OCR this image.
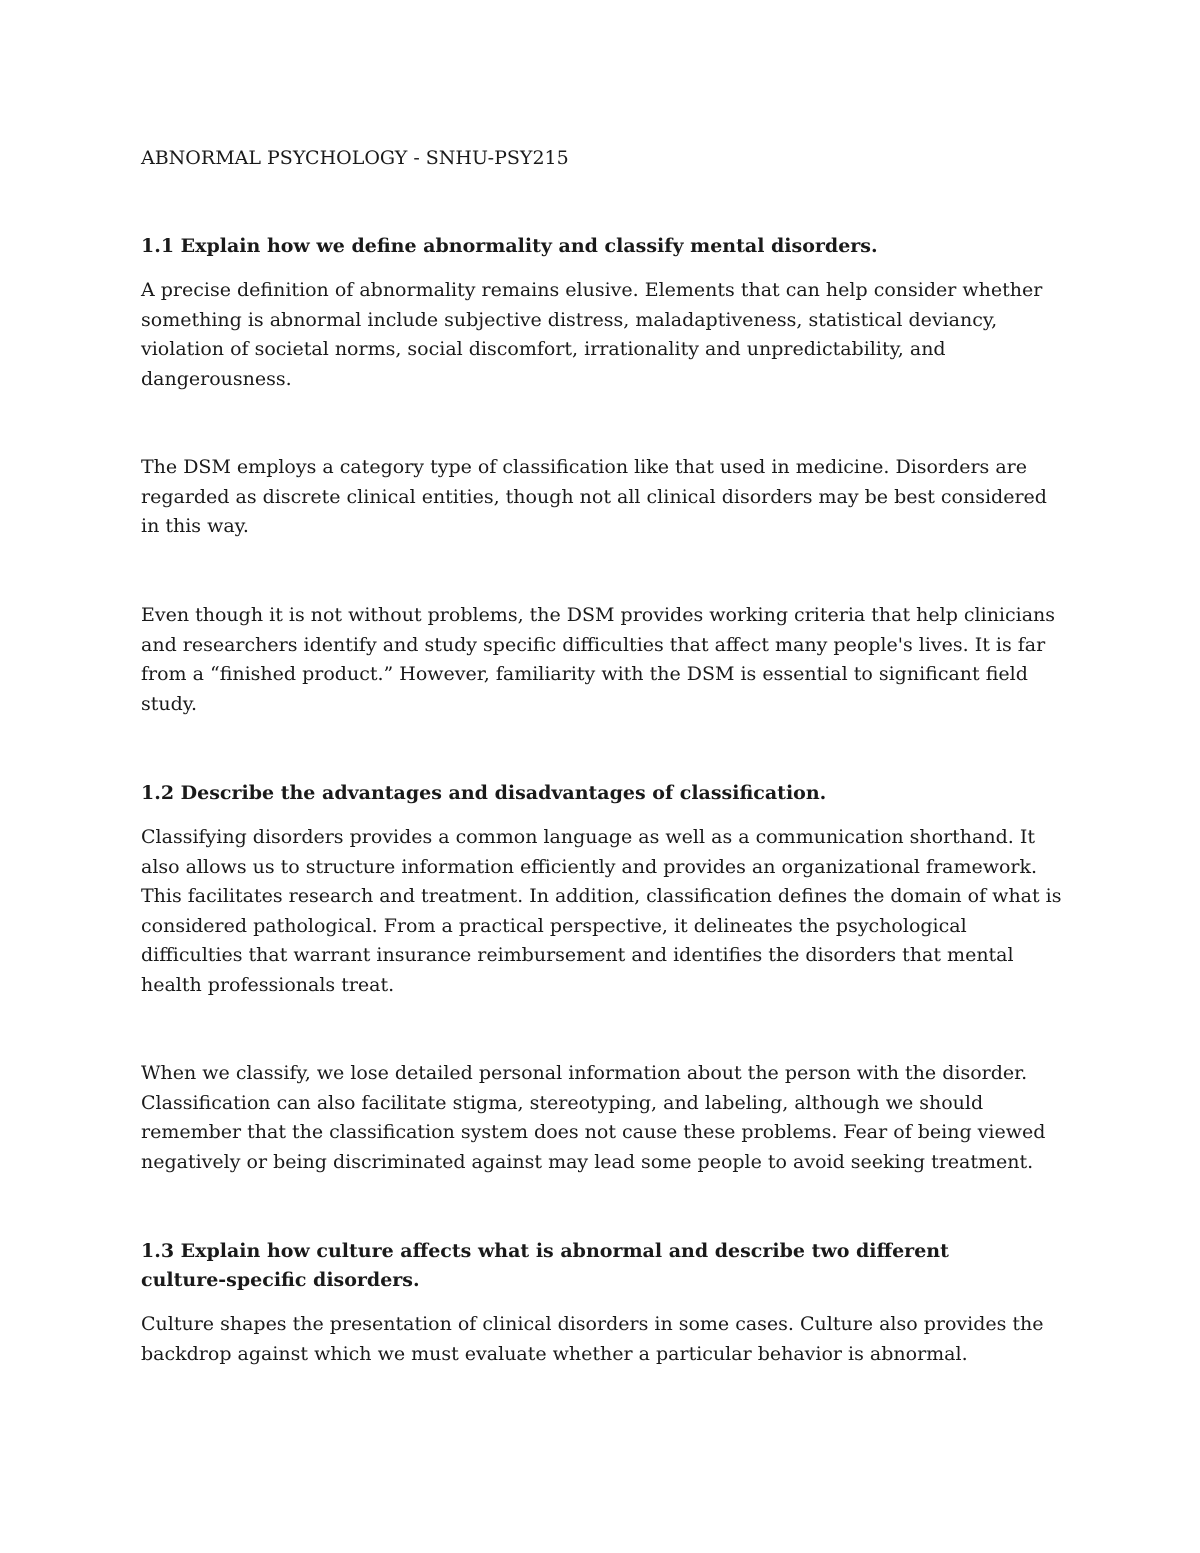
ABNORMAL PSYCHOLOGY - SNHU-PSY215
1.1 Explain how we define abnormality and classify mental disorders.

A precise definition of abnormality remains elusive. Elements that can help consider whether something is abnormal include subjective distress, maladaptiveness, statistical deviancy, violation of societal norms, social discomfort, irrationality and unpredictability, and dangerousness.

The DSM employs a category type of classification like that used in medicine. Disorders are regarded as discrete clinical entities, though not all clinical disorders may be best considered in this way.

Even though it is not without problems, the DSM provides working criteria that help clinicians and researchers identify and study specific difficulties that affect many people's lives. It is far from a “finished product.” However, familiarity with the DSM is essential to significant field study.

1.2 Describe the advantages and disadvantages of classification.

Classifying disorders provides a common language as well as a communication shorthand. It also allows us to structure information efficiently and provides an organizational framework. This facilitates research and treatment. In addition, classification defines the domain of what is considered pathological. From a practical perspective, it delineates the psychological difficulties that warrant insurance reimbursement and identifies the disorders that mental health professionals treat.

When we classify, we lose detailed personal information about the person with the disorder. Classification can also facilitate stigma, stereotyping, and labeling, although we should remember that the classification system does not cause these problems. Fear of being viewed negatively or being discriminated against may lead some people to avoid seeking treatment.

1.3 Explain how culture affects what is abnormal and describe two different culture-specific disorders.

Culture shapes the presentation of clinical disorders in some cases. Culture also provides the backdrop against which we must evaluate whether a particular behavior is abnormal.
